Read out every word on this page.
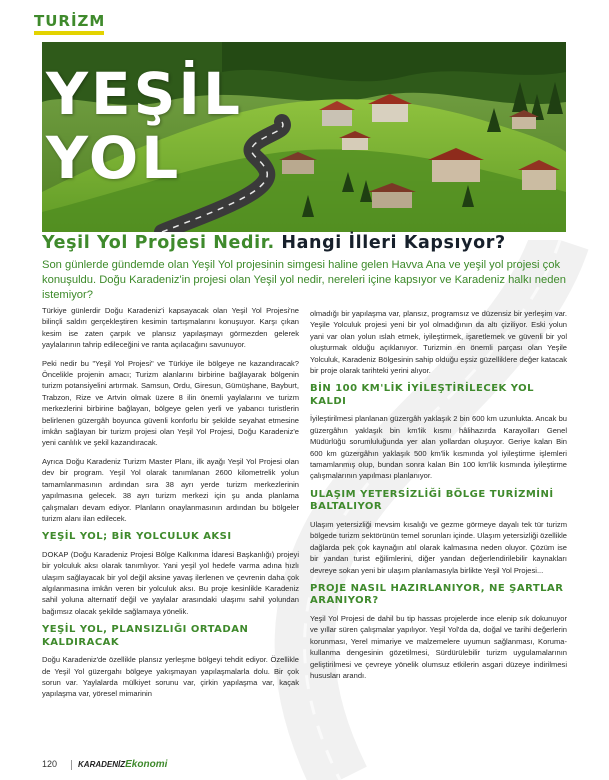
TURİZM
YEŞİL
YOL
Yeşil Yol Projesi Nedir. Hangi İlleri Kapsıyor?
Son günlerde gündemde olan Yeşil Yol projesinin simgesi haline gelen Havva Ana ve yeşil yol projesi çok konuşuldu. Doğu Karadeniz'in projesi olan Yeşil yol nedir, nereleri içine kapsıyor ve Karadeniz halkı neden istemiyor?

Türkiye günlerdir Doğu Karadeniz'i kapsayacak olan Yeşil Yol Projesi'ne bilinçli saldırı gerçekleştiren kesimin tartışmalarını konuşuyor. Karşı çıkan kesim ise zaten çarpık ve plansız yapılaşmayı görmezden gelerek yaylalarının tahrip edileceğini ve ranta açılacağını savunuyor.

Peki nedir bu "Yeşil Yol Projesi" ve Türkiye ile bölgeye ne kazandıracak? Öncelikle projenin amacı; Turizm alanlarını birbirine bağlayarak bölgenin turizm potansiyelini artırmak. Samsun, Ordu, Giresun, Gümüşhane, Bayburt, Trabzon, Rize ve Artvin olmak üzere 8 ilin önemli yaylalarını ve turizm merkezlerini birbirine bağlayan, bölgeye gelen yerli ve yabancı turistlerin belirlenen güzergâh boyunca güvenli konforlu bir şekilde seyahat etmesine imkân sağlayan bir turizm projesi olan Yeşil Yol Projesi, Doğu Karadeniz'e yeni canlılık ve şekil kazandıracak.

Ayrıca Doğu Karadeniz Turizm Master Planı, ilk ayağı Yeşil Yol Projesi olan dev bir program. Yeşil Yol olarak tanımlanan 2600 kilometrelik yolun tamamlanmasının ardından sıra 38 ayrı yerde turizm merkezlerinin yapılmasına gelecek. 38 ayrı turizm merkezi için şu anda planlama çalışmaları devam ediyor. Planların onaylanmasının ardından bu bölgeler turizm alanı ilan edilecek.

YEŞİL YOL; BİR YOLCULUK AKSI

DOKAP (Doğu Karadeniz Projesi Bölge Kalkınma İdaresi Başkanlığı) projeyi bir yolculuk aksı olarak tanımlıyor. Yani yeşil yol hedefe varma adına hızlı ulaşım sağlayacak bir yol değil aksine yavaş ilerlenen ve çevrenin daha çok algılanmasına imkân veren bir yolculuk aksı. Bu proje kesinlikle Karadeniz sahil yoluna alternatif değil ve yaylalar arasındaki ulaşımı sahil yolundan bağımsız olacak şekilde sağlamaya yönelik.

YEŞİL YOL, PLANSIZLIĞI ORTADAN KALDIRACAK

Doğu Karadeniz'de özellikle plansız yerleşme bölgeyi tehdit ediyor. Özellikle de Yeşil Yol güzergahı bölgeye yakışmayan yapılaşmalarla dolu. Bir çok sorun var. Yaylalarda mülkiyet sorunu var, çirkin yapılaşma var, kaçak yapılaşma var, yöresel mimarinin

olmadığı bir yapılaşma var, plansız, programsız ve düzensiz bir yerleşim var. Yeşile Yolculuk projesi yeni bir yol olmadığının da altı çiziliyor. Eski yolun yani var olan yolun ıslah etmek, iyileştirmek, işaretlemek ve güvenli bir yol oluşturmak olduğu açıklanıyor. Turizmin en önemli parçası olan Yeşile Yolculuk, Karadeniz Bölgesinin sahip olduğu eşsiz güzelliklere değer katacak bir proje olarak tarihteki yerini alıyor.

BİN 100 KM'LİK İYİLEŞTİRİLECEK YOL KALDI

İyileştirilmesi planlanan güzergâh yaklaşık 2 bin 600 km uzunlukta. Ancak bu güzergâhın yaklaşık bin km'lik kısmı hâlihazırda Karayolları Genel Müdürlüğü sorumluluğunda yer alan yollardan oluşuyor. Geriye kalan Bin 600 km güzergâhın yaklaşık 500 km'lik kısmında yol iyileştirme işlemleri tamamlanmış olup, bundan sonra kalan Bin 100 km'lik kısmında iyileştirme çalışmalarının yapılması planlanıyor.

ULAŞIM YETERSİZLİĞİ BÖLGE TURİZMİNİ BALTALIYOR

Ulaşım yetersizliği mevsim kısalığı ve gezme görmeye dayalı tek tür turizm bölgede turizm sektörünün temel sorunları içinde. Ulaşım yetersizliği özellikle dağlarda pek çok kaynağın atıl olarak kalmasına neden oluyor. Çözüm ise bir yandan turist eğilimlerini, diğer yandan değerlendirilebilir kaynakları devreye sokan yeni bir ulaşım planlamasıyla birlikte Yeşil Yol Projesi...

PROJE NASIL HAZIRLANIYOR, NE ŞARTLAR ARANIYOR?

Yeşil Yol Projesi de dahil bu tip hassas projelerde ince elenip sık dokunuyor ve yıllar süren çalışmalar yapılıyor. Yeşil Yol'da da, doğal ve tarihi değerlerin korunması, Yerel mimariye ve malzemelere uyumun sağlanması, Koruma-kullanma dengesinin gözetilmesi, Sürdürülebilir turizm uygulamalarının geliştirilmesi ve çevreye yönelik olumsuz etkilerin asgari düzeye indirilmesi hususları arandı.

120	KARADENİZEkonomi
